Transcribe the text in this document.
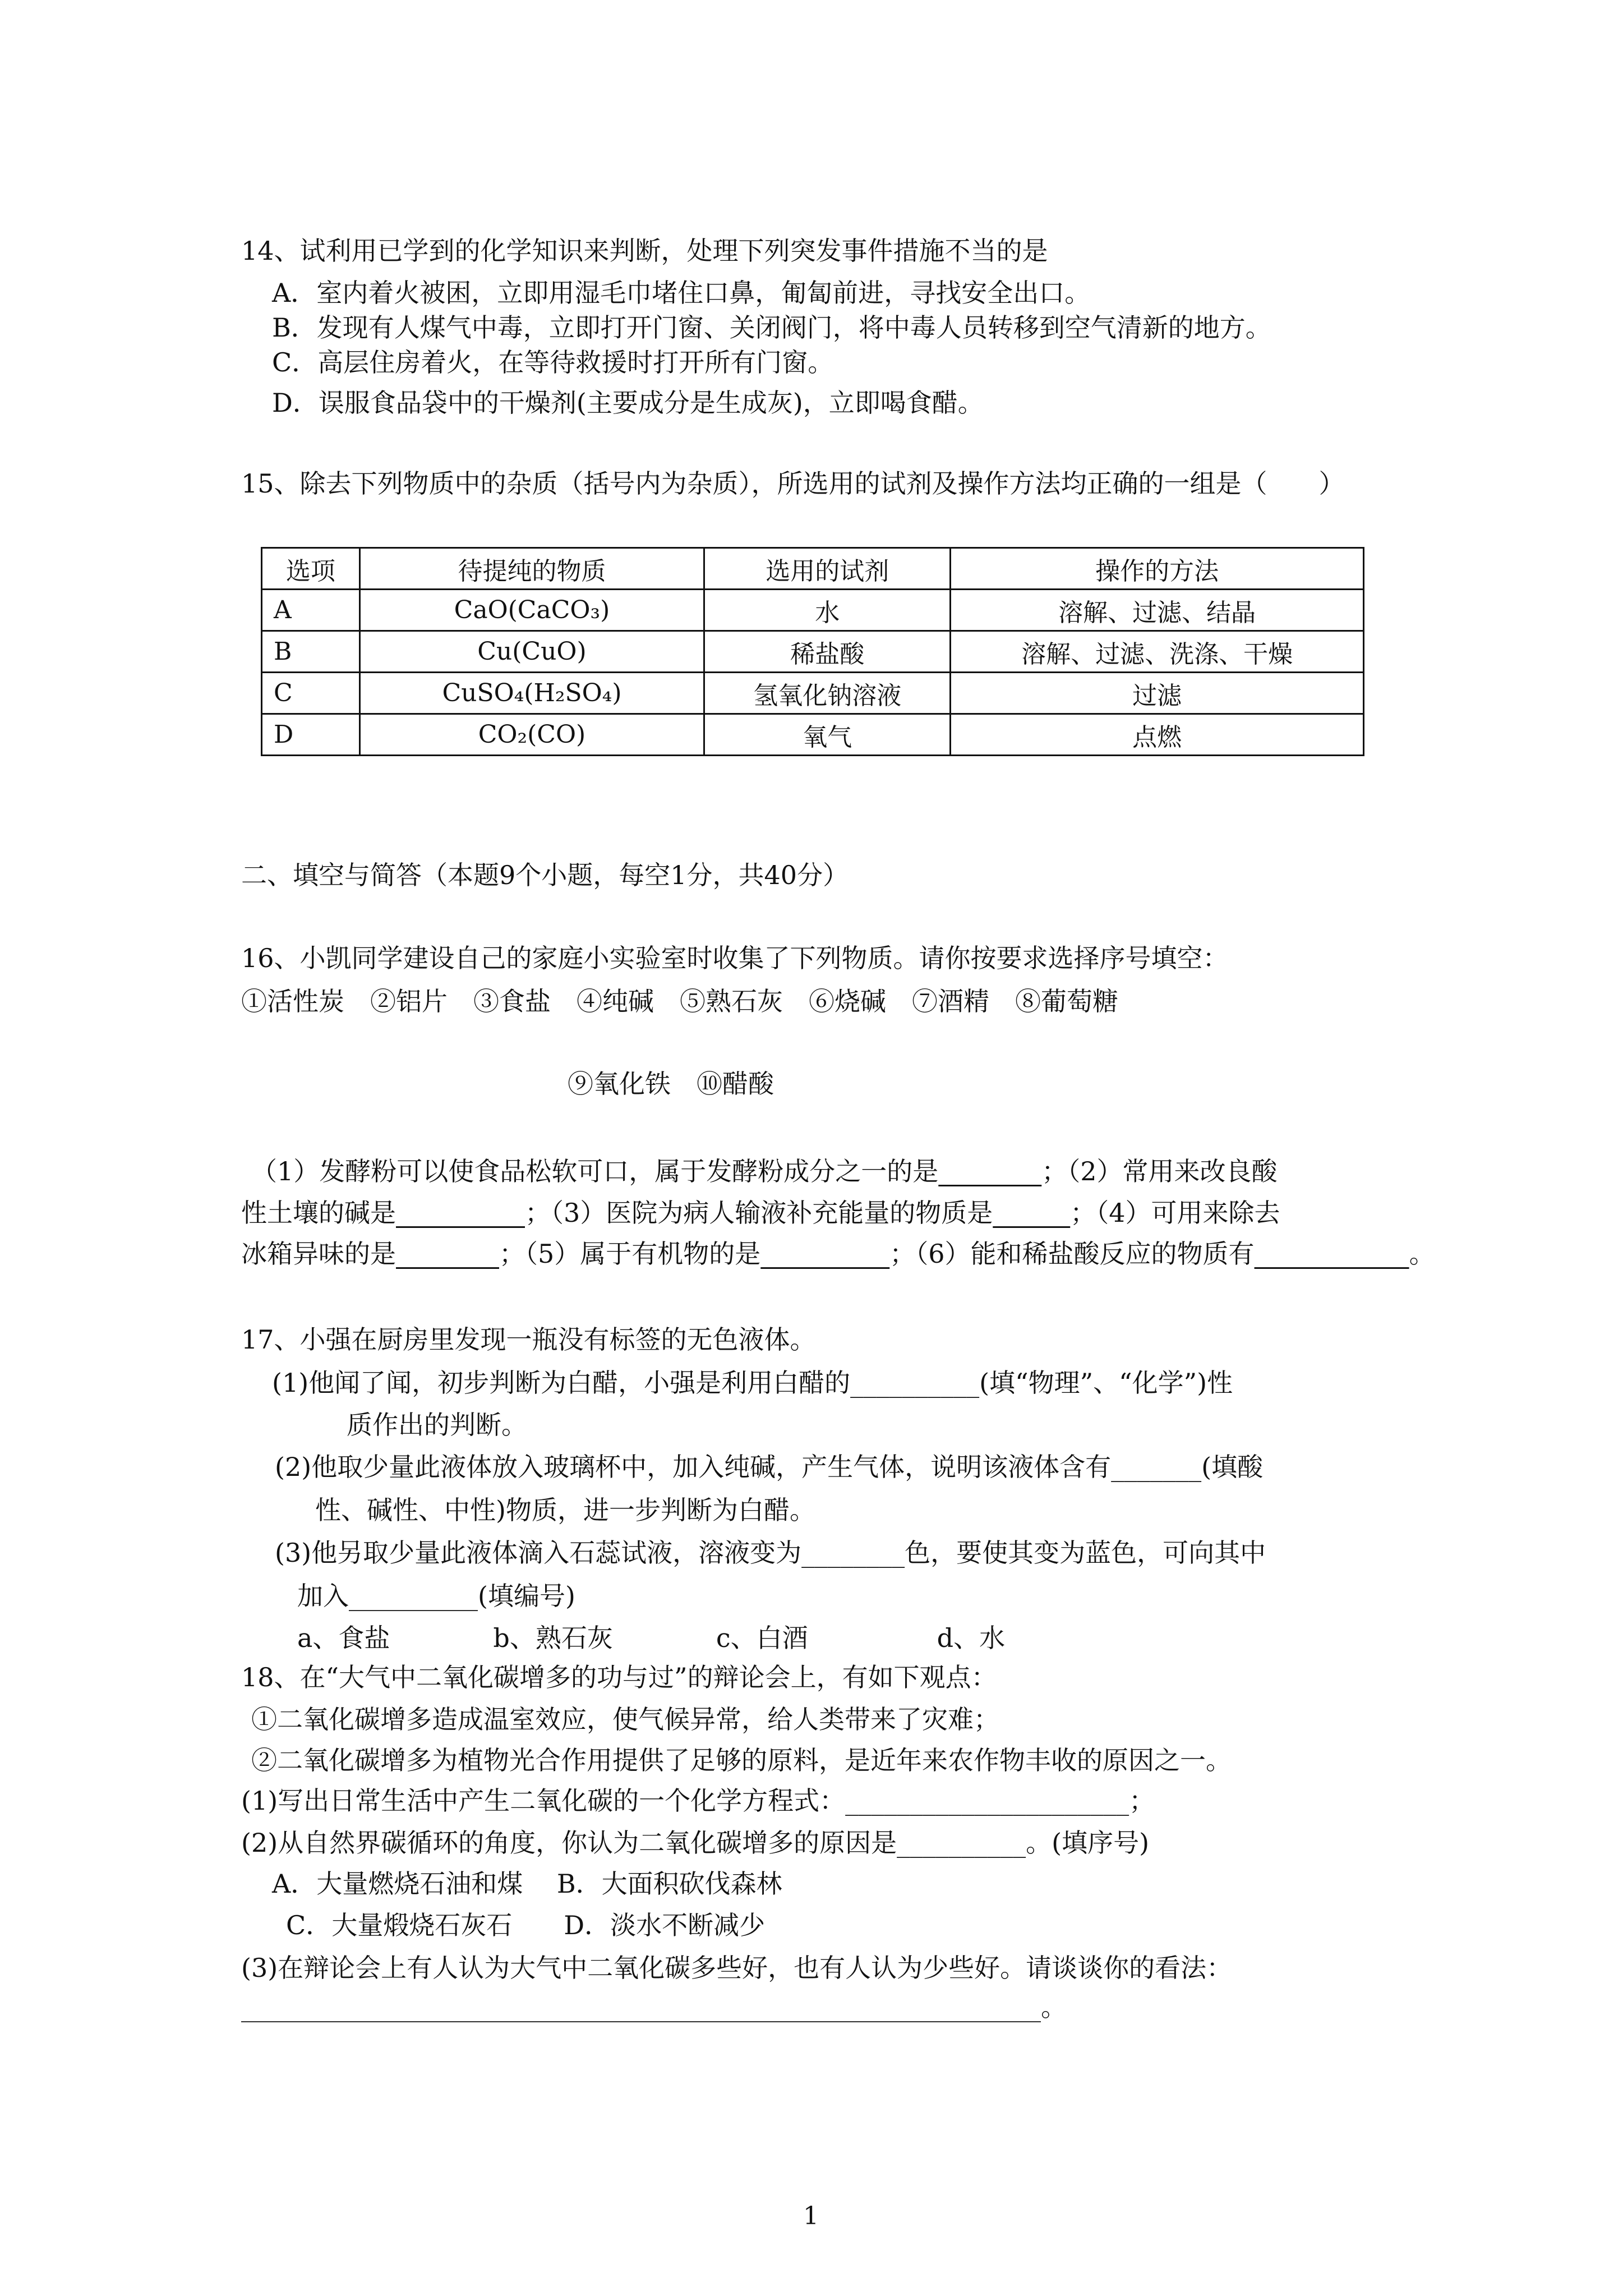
14、试利用已学到的化学知识来判断，处理下列突发事件措施不当的是
A．室内着火被困，立即用湿毛巾堵住口鼻，匍匐前进，寻找安全出口。
B．发现有人煤气中毒，立即打开门窗、关闭阀门，将中毒人员转移到空气清新的地方。
C．高层住房着火，在等待救援时打开所有门窗。
D．误服食品袋中的干燥剂(主要成分是生成灰)，立即喝食醋。
15、除去下列物质中的杂质（括号内为杂质），所选用的试剂及操作方法均正确的一组是（　　）
选项	待提纯的物质	选用的试剂	操作的方法
A	CaO(CaCO₃)	水	溶解、过滤、结晶
B	Cu(CuO)	稀盐酸	溶解、过滤、洗涤、干燥
C	CuSO₄(H₂SO₄)	氢氧化钠溶液	过滤
D	CO₂(CO)	氧气	点燃
二、填空与简答（本题9个小题，每空1分，共40分）
16、小凯同学建设自己的家庭小实验室时收集了下列物质。请你按要求选择序号填空：
①活性炭　②铝片　③食盐　④纯碱　⑤熟石灰　⑥烧碱　⑦酒精　⑧葡萄糖
⑨氧化铁　⑩醋酸
（1）发酵粉可以使食品松软可口，属于发酵粉成分之一的是　　　　	；（2）常用来改良酸
性土壤的碱是　　　　　	；（3）医院为病人输液补充能量的物质是　　　	；（4）可用来除去
冰箱异味的是　　　　	；（5）属于有机物的是　　　　　	；（6）能和稀盐酸反应的物质有　　　　　　	。
17、小强在厨房里发现一瓶没有标签的无色液体。
(1)他闻了闻，初步判断为白醋，小强是利用白醋的__________(填“物理”、“化学”)性
质作出的判断。
(2)他取少量此液体放入玻璃杯中，加入纯碱，产生气体，说明该液体含有_______(填酸
性、碱性、中性)物质，进一步判断为白醋。
(3)他另取少量此液体滴入石蕊试液，溶液变为________色，要使其变为蓝色，可向其中
加入__________(填编号)
a、食盐　　　　b、熟石灰　　　　c、白酒　　　　　d、水
18、在“大气中二氧化碳增多的功与过”的辩论会上，有如下观点：
①二氧化碳增多造成温室效应，使气候异常，给人类带来了灾难；
②二氧化碳增多为植物光合作用提供了足够的原料，是近年来农作物丰收的原因之一。
(1)写出日常生活中产生二氧化碳的一个化学方程式：______________________；
(2)从自然界碳循环的角度，你认为二氧化碳增多的原因是__________。(填序号)
A．大量燃烧石油和煤　 B．大面积砍伐森林
C．大量煅烧石灰石　　D．淡水不断减少
(3)在辩论会上有人认为大气中二氧化碳多些好，也有人认为少些好。请谈谈你的看法：
______________________________________________________________。
1
